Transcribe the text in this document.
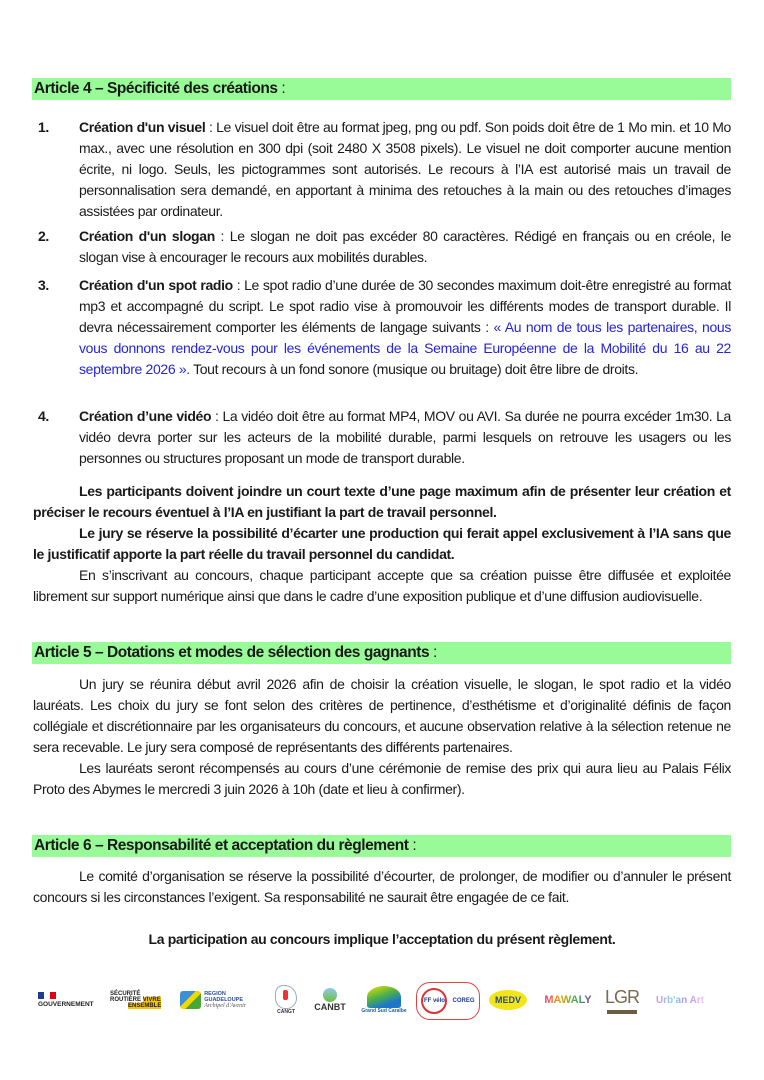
Article 4 – Spécificité des créations :
1. Création d'un visuel : Le visuel doit être au format jpeg, png ou pdf. Son poids doit être de 1 Mo min. et 10 Mo max., avec une résolution en 300 dpi (soit 2480 X 3508 pixels). Le visuel ne doit comporter aucune mention écrite, ni logo. Seuls, les pictogrammes sont autorisés. Le recours à l’IA est autorisé mais un travail de personnalisation sera demandé, en apportant à minima des retouches à la main ou des retouches d’images assistées par ordinateur.
2. Création d'un slogan : Le slogan ne doit pas excéder 80 caractères. Rédigé en français ou en créole, le slogan vise à encourager le recours aux mobilités durables.
3. Création d'un spot radio : Le spot radio d’une durée de 30 secondes maximum doit-être enregistré au format mp3 et accompagné du script. Le spot radio vise à promouvoir les différents modes de transport durable. Il devra nécessairement comporter les éléments de langage suivants : « Au nom de tous les partenaires, nous vous donnons rendez-vous pour les événements de la Semaine Européenne de la Mobilité du 16 au 22 septembre 2026 ». Tout recours à un fond sonore (musique ou bruitage) doit être libre de droits.
4. Création d’une vidéo : La vidéo doit être au format MP4, MOV ou AVI. Sa durée ne pourra excéder 1m30. La vidéo devra porter sur les acteurs de la mobilité durable, parmi lesquels on retrouve les usagers ou les personnes ou structures proposant un mode de transport durable.

Les participants doivent joindre un court texte d’une page maximum afin de présenter leur création et préciser le recours éventuel à l’IA en justifiant la part de travail personnel.

Le jury se réserve la possibilité d’écarter une production qui ferait appel exclusivement à l’IA sans que le justificatif apporte la part réelle du travail personnel du candidat.

En s’inscrivant au concours, chaque participant accepte que sa création puisse être diffusée et exploitée librement sur support numérique ainsi que dans le cadre d’une exposition publique et d’une diffusion audiovisuelle.

Article 5 – Dotations et modes de sélection des gagnants :

Un jury se réunira début avril 2026 afin de choisir la création visuelle, le slogan, le spot radio et la vidéo lauréats. Les choix du jury se font selon des critères de pertinence, d’esthétisme et d’originalité définis de façon collégiale et discrétionnaire par les organisateurs du concours, et aucune observation relative à la sélection retenue ne sera recevable. Le jury sera composé de représentants des différents partenaires.

Les lauréats seront récompensés au cours d’une cérémonie de remise des prix qui aura lieu au Palais Félix Proto des Abymes le mercredi 3 juin 2026 à 10h (date et lieu à confirmer).

Article 6 – Responsabilité et acceptation du règlement :

Le comité d’organisation se réserve la possibilité d’écourter, de prolonger, de modifier ou d’annuler le présent concours si les circonstances l’exigent. Sa responsabilité ne saurait être engagée de ce fait.

La participation au concours implique l’acceptation du présent règlement.
GOUVERNEMENT
SÉCURITÉ
ROUTIÈRE VIVRE
ENSEMBLE
REGION GUADELOUPE
Archipel d'Avenir
CANGT CANBT	Grand Sud Caraïbe
FF vélo	COREG	MEDV	MAWALY LGR Urb'an Art
